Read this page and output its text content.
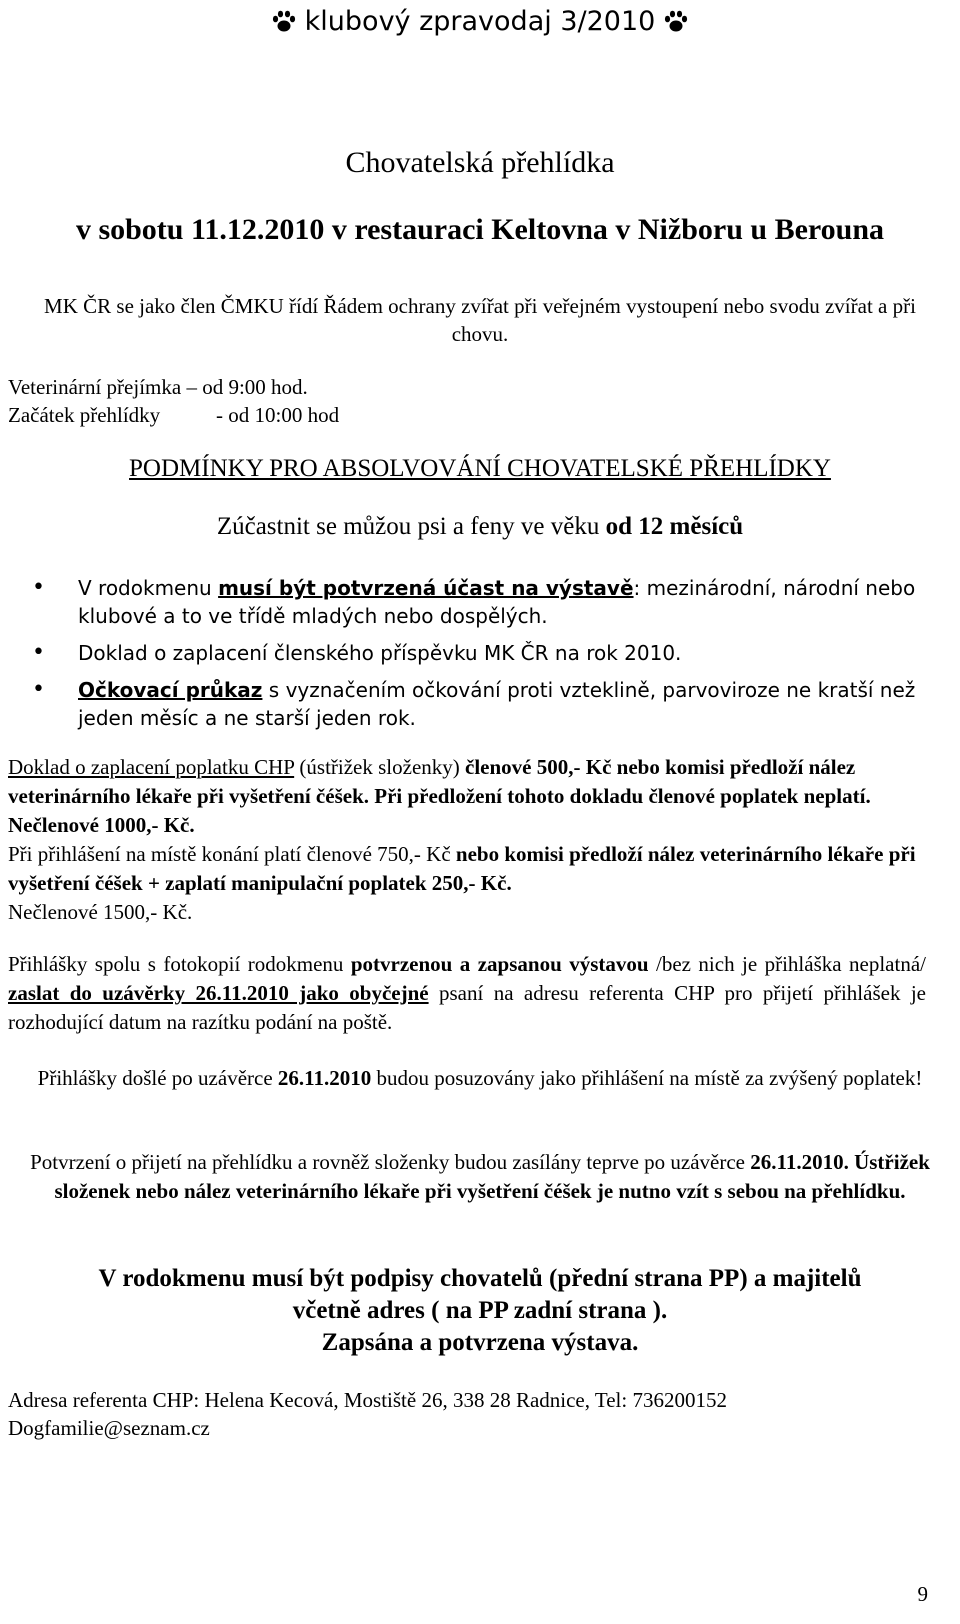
klubový zpravodaj 3/2010
Chovatelská přehlídka
v sobotu 11.12.2010 v restauraci Keltovna v Nižboru u Berouna
MK ČR se jako člen ČMKU řídí Řádem ochrany zvířat při veřejném vystoupení nebo svodu zvířat a při chovu.
Veterinární přejímka
– od 9:00 hod.
Začátek přehlídky	- od 10:00 hod
PODMÍNKY PRO ABSOLVOVÁNÍ CHOVATELSKÉ PŘEHLÍDKY
Zúčastnit se můžou psi a feny ve věku od 12 měsíců
• V rodokmenu musí být potvrzená účast na výstavě: mezinárodní, národní nebo klubové a to ve třídě mladých nebo dospělých.
• Doklad o zaplacení členského příspěvku MK ČR na rok 2010.
• Očkovací průkaz s vyznačením očkování proti vzteklině, parvoviroze ne kratší než jeden měsíc a ne starší jeden rok.
Doklad o zaplacení poplatku CHP (ústřižek složenky) členové 500,- Kč nebo komisi předloží nález veterinárního lékaře při vyšetření čéšek. Při předložení tohoto dokladu členové poplatek neplatí. Nečlenové 1000,- Kč.
Při přihlášení na místě konání platí členové 750,- Kč nebo komisi předloží nález veterinárního lékaře při vyšetření čéšek + zaplatí manipulační poplatek 250,- Kč.
Nečlenové 1500,- Kč.
Přihlášky spolu s fotokopií rodokmenu potvrzenou a zapsanou výstavou /bez nich je přihláška neplatná/ zaslat do uzávěrky 26.11.2010 jako obyčejné psaní na adresu referenta CHP pro přijetí přihlášek je rozhodující datum na razítku podání na poště.
Přihlášky došlé po uzávěrce 26.11.2010 budou posuzovány jako přihlášení na místě za zvýšený poplatek!
Potvrzení o přijetí na přehlídku a rovněž složenky budou zasílány teprve po uzávěrce 26.11.2010. Ústřižek složenek nebo nález veterinárního lékaře při vyšetření čéšek je nutno vzít s sebou na přehlídku.
V rodokmenu musí být podpisy chovatelů (přední strana PP) a majitelů
včetně adres ( na PP zadní strana ).
Zapsána a potvrzena výstava.
Adresa referenta CHP: Helena Kecová, Mostiště 26, 338 28 Radnice, Tel: 736200152
Dogfamilie@seznam.cz
9
